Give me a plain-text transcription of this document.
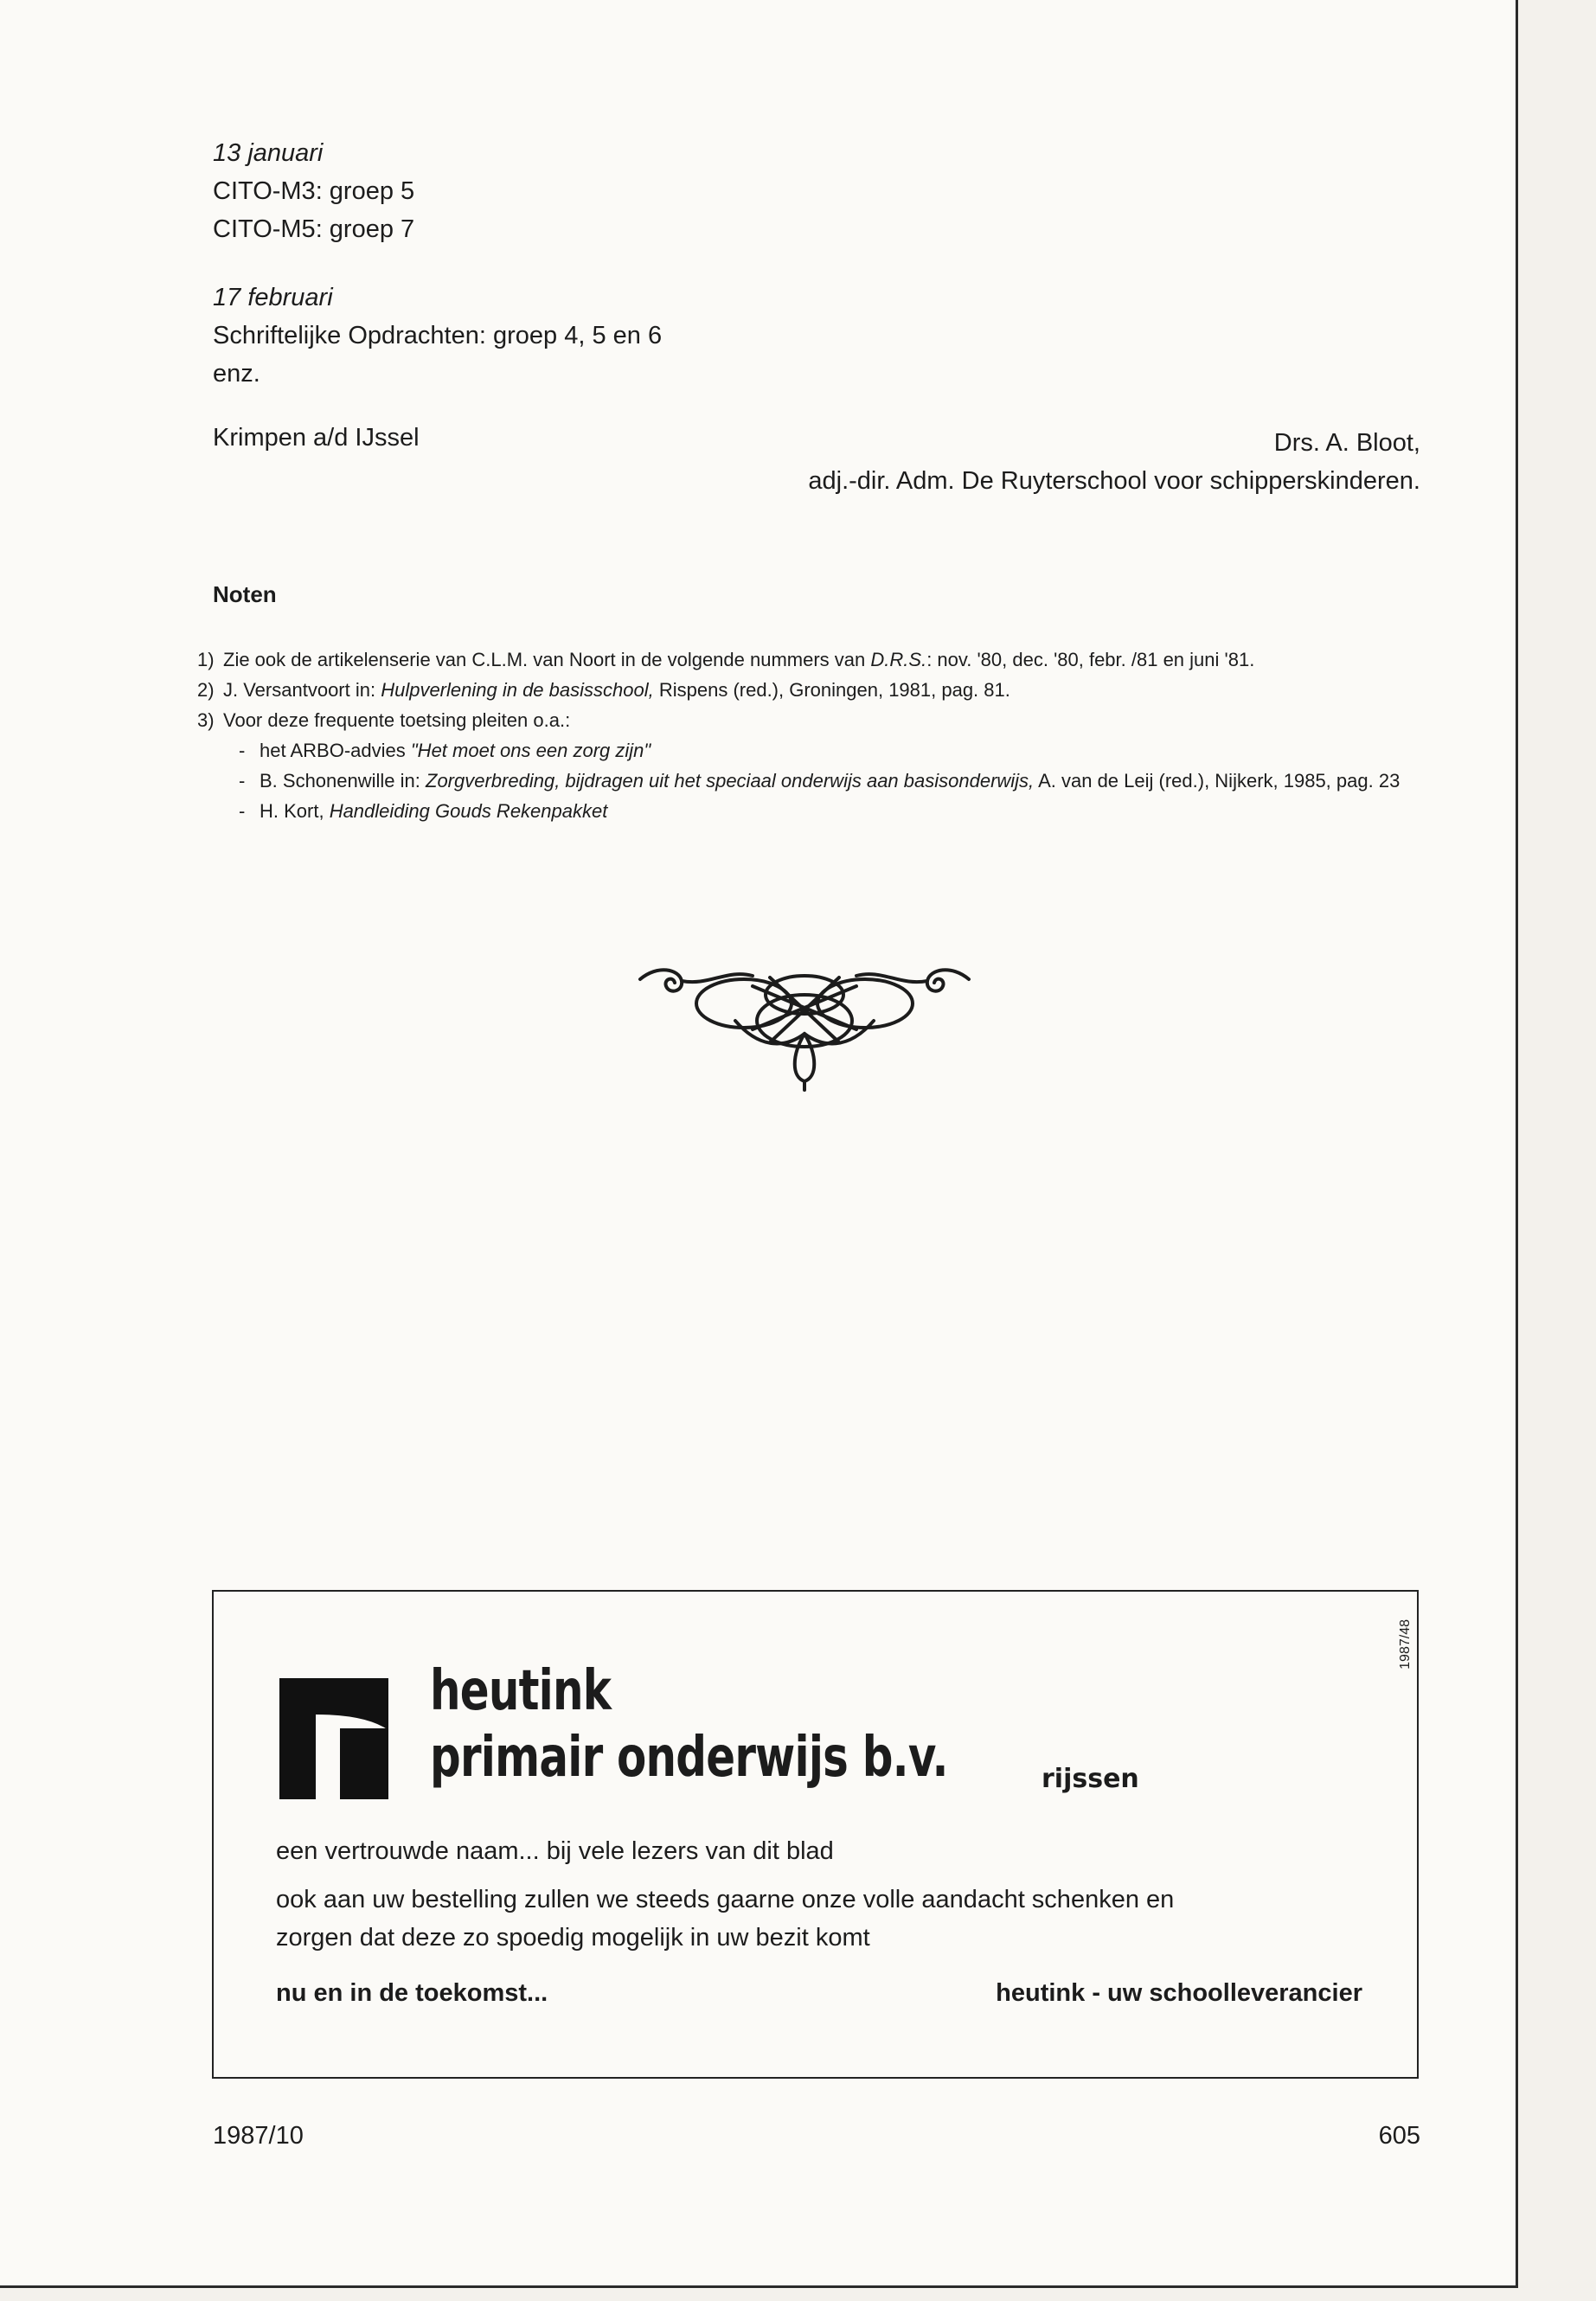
13 januari
CITO-M3: groep 5
CITO-M5: groep 7
17 februari
Schriftelijke Opdrachten: groep 4, 5 en 6
enz.
Krimpen a/d IJssel	Drs. A. Bloot,
adj.-dir. Adm. De Ruyterschool voor schipperskinderen.
Noten
1) Zie ook de artikelenserie van C.L.M. van Noort in de volgende nummers van D.R.S.: nov. '80, dec. '80, febr. /81 en juni '81.
2) J. Versantvoort in: Hulpverlening in de basisschool, Rispens (red.), Groningen, 1981, pag. 81.
3) Voor deze frequente toetsing pleiten o.a.:
- het ARBO-advies "Het moet ons een zorg zijn"
- B. Schonenwille in: Zorgverbreding, bijdragen uit het speciaal onderwijs aan basisonderwijs, A. van de Leij (red.), Nijkerk, 1985, pag. 23
- H. Kort, Handleiding Gouds Rekenpakket
1987/48
heutink
primair onderwijs b.v.	rijssen
een vertrouwde naam... bij vele lezers van dit blad
ook aan uw bestelling zullen we steeds gaarne onze volle aandacht schenken en
zorgen dat deze zo spoedig mogelijk in uw bezit komt
nu en in de toekomst...	heutink - uw schoolleverancier
1987/10	605
